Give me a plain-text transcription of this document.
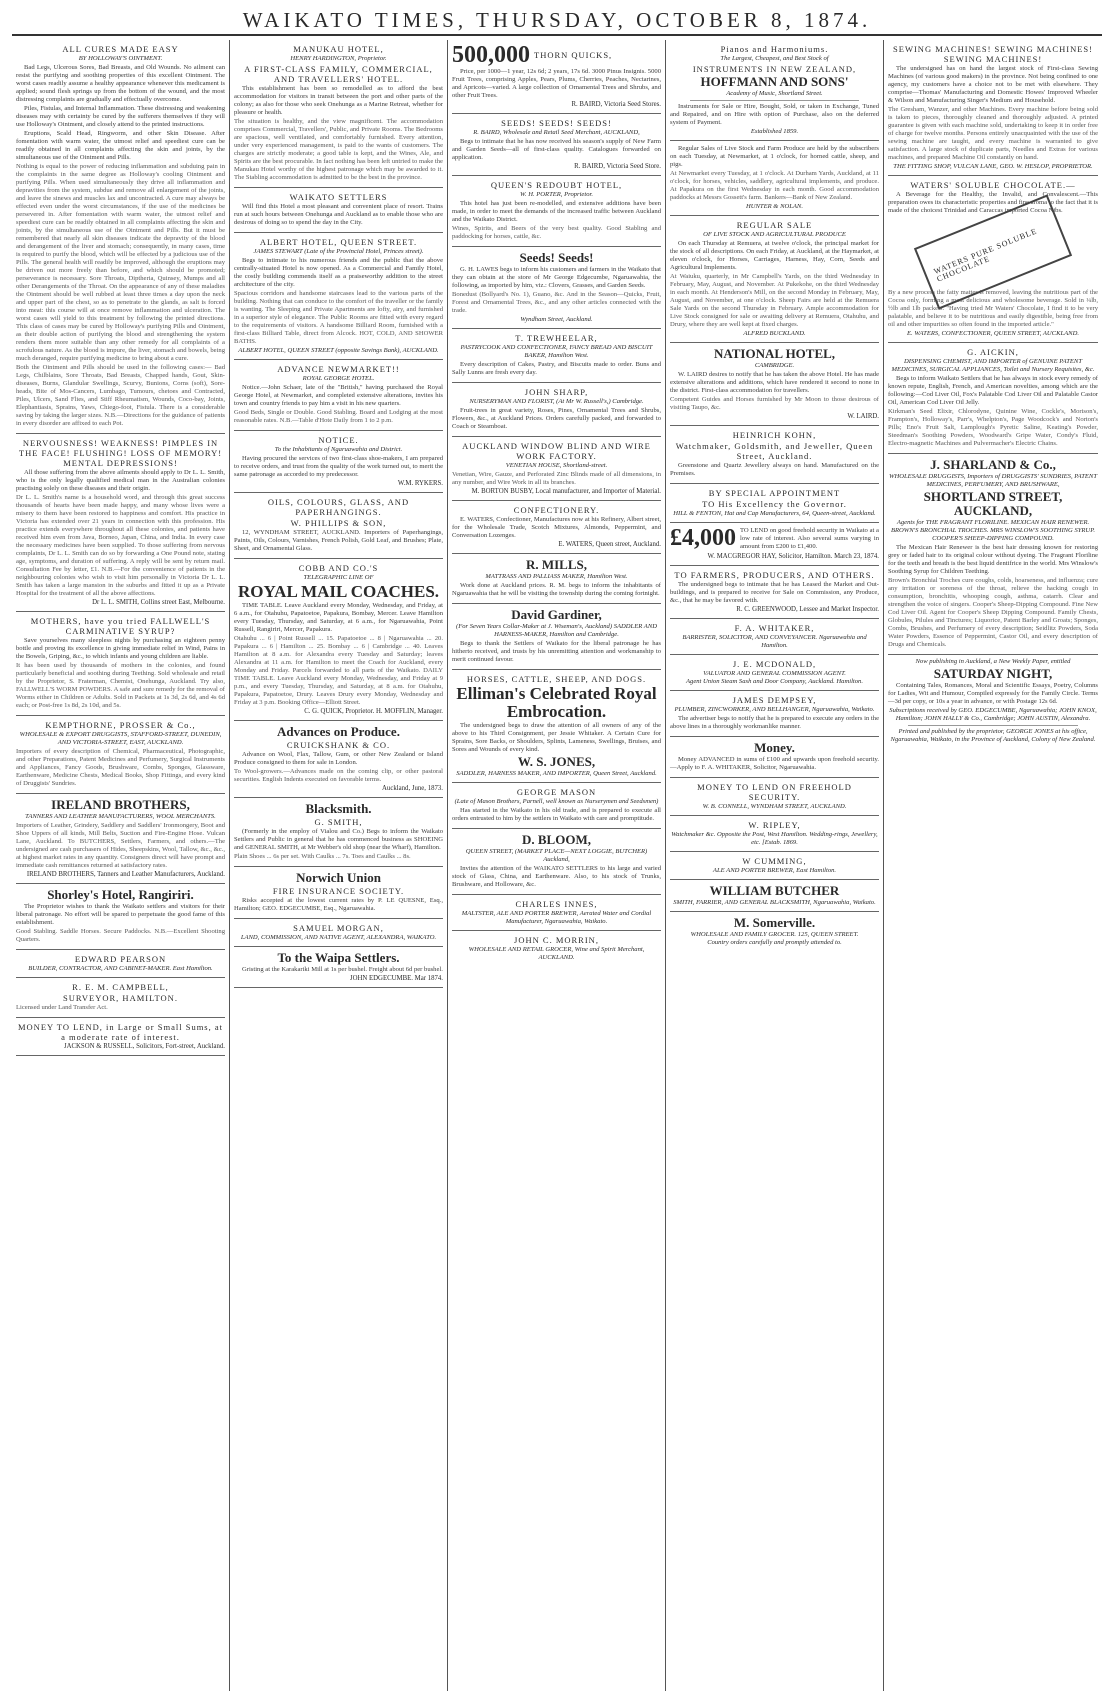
WAIKATO TIMES, THURSDAY, OCTOBER 8, 1874.
ALL CURES MADE EASY
BY HOLLOWAY'S OINTMENT.
Bad Legs, Ulcerous Sores, Bad Breasts, and Old Wounds. No ailment can resist the purifying and soothing properties of this excellent Ointment. The worst cases readily assume a healthy appearance whenever this medicament is applied; sound flesh springs up from the bottom of the wound, and the most distressing complaints are gradually and effectually overcome.
Piles, Fistulas, and Internal Inflammation. These distressing and weakening diseases may with certainty be cured by the sufferers themselves if they will use Holloway's Ointment, and closely attend to the printed instructions.
Eruptions, Scald Head, Ringworm, and other Skin Disease. After fomentation with warm water, the utmost relief and speediest cure can be readily obtained in all complaints affecting the skin and joints, by the simultaneous use of the Ointment and Pills.
Nothing is equal to the power of reducing inflammation and subduing pain in the complaints in the same degree as Holloway's cooling Ointment and purifying Pills. When used simultaneously they drive all inflammation and depravities from the system, subdue and remove all enlargement of the joints, and leave the sinews and muscles lax and uncontracted. A cure may always be effected even under the worst circumstances, if the use of the medicines be persevered in. After fomentation with warm water, the utmost relief and speediest cure can be readily obtained in all complaints affecting the skin and joints, by the simultaneous use of the Ointment and Pills. But it must be remembered that nearly all skin diseases indicate the depravity of the blood and derangement of the liver and stomach; consequently, in many cases, time is required to purify the blood, which will be effected by a judicious use of the Pills. The general health will readily be improved, although the eruptions may be driven out more freely than before, and which should be promoted; perseverance is necessary. Sore Throats, Diptheria, Quinsey, Mumps and all other Derangements of the Throat. On the appearance of any of these maladies the Ointment should be well rubbed at least three times a day upon the neck and upper part of the chest, so as to penetrate to the glands, as salt is forced into meat: this course will at once remove inflammation and ulceration. The worst cases will yield to this treatment by following the printed directions. This class of cases may be cured by Holloway's purifying Pills and Ointment, as their double action of purifying the blood and strengthening the system renders them more suitable than any other remedy for all complaints of a scrofulous nature. As the blood is impure, the liver, stomach and bowels, being much deranged, require purifying medicine to bring about a cure.
Both the Ointment and Pills should be used in the following cases:— Bad Legs, Chilblains, Sore Throats, Bad Breasts, Chapped hands, Gout, Skin-diseases, Burns, Glandular Swellings, Scurvy, Bunions, Corns (soft), Sore-heads, Bite of Mos-Cancers, Lumbago, Tumours, chetoes and Contracted, Piles, Ulcers, Sand Flies, and Stiff Rheumatism, Wounds, Coco-bay, Joints, Elephantiasis, Sprains, Yaws, Chiego-foot, Fistula. There is a considerable saving by taking the larger sizes. N.B.—Directions for the guidance of patients in every disorder are affixed to each Pot.
NERVOUSNESS! WEAKNESS! PIMPLES IN THE FACE! FLUSHING! LOSS OF MEMORY! MENTAL DEPRESSIONS!
All those suffering from the above ailments should apply to Dr L. L. Smith, who is the only legally qualified medical man in the Australian colonies practising solely on these diseases and their origin.
Dr L. L. Smith's name is a household word, and through this great success thousands of hearts have been made happy, and many whose lives were a misery to them have been restored to happiness and comfort. His practice in Victoria has extended over 21 years in connection with this profession. His practice extends everywhere throughout all these colonies, and patients have received him even from Java, Borneo, Japan, China, and India. In every case the necessary medicines have been supplied. To those suffering from nervous complaints, Dr L. L. Smith can do so by forwarding a One Pound note, stating age, symptoms, and duration of suffering. A reply will be sent by return mail. Consultation Fee by letter, £1. N.B.—For the convenience of patients in the neighbouring colonies who wish to visit him personally in Victoria Dr L. L. Smith has taken a large mansion in the suburbs and fitted it up as a Private Hospital for the treatment of all the above affections.
Dr L. L. SMITH, Collins street East, Melbourne.
MOTHERS, have you tried FALLWELL'S CARMINATIVE SYRUP?
Save yourselves many sleepless nights by purchasing an eighteen penny bottle and proving its excellence in giving immediate relief in Wind, Pains in the Bowels, Griping, &c., to which infants and young children are liable.
It has been used by thousands of mothers in the colonies, and found particularly beneficial and soothing during Teething. Sold wholesale and retail by the Proprietor, S. Fraterman, Chemist, Onehunga, Auckland. Try also, FALLWELL'S WORM POWDERS. A safe and sure remedy for the removal of Worms either in Children or Adults. Sold in Packets at 1s 3d, 2s 6d, and 4s 6d each; or Post-free 1s 8d, 2s 10d, and 5s.
KEMPTHORNE, PROSSER & Co.,
WHOLESALE & EXPORT DRUGGISTS, STAFFORD-STREET, DUNEDIN, AND VICTORIA-STREET, EAST, AUCKLAND.
Importers of every description of Chemical, Pharmaceutical, Photographic, and other Preparations, Patent Medicines and Perfumery, Surgical Instruments and Appliances, Fancy Goods, Brushware, Combs, Sponges, Glassware, Earthenware, Medicine Chests, Medical Books, Shop Fittings, and every kind of Druggists' Sundries.
IRELAND BROTHERS,
TANNERS AND LEATHER MANUFACTURERS, WOOL MERCHANTS.
Importers of Leather, Grindery, Saddlery and Saddlers' Ironmongery, Boot and Shoe Uppers of all kinds, Mill Belts, Suction and Fire-Engine Hose. Vulcan Lane, Auckland. To BUTCHERS, Settlers, Farmers, and others.—The undersigned are cash purchasers of Hides, Sheepskins, Wool, Tallow, &c., &c., at highest market rates in any quantity. Consigners direct will have prompt and immediate cash remittances returned at satisfactory rates.
IRELAND BROTHERS, Tanners and Leather Manufacturers, Auckland.
Shorley's Hotel, Rangiriri.
The Proprietor wishes to thank the Waikato settlers and visitors for their liberal patronage. No effort will be spared to perpetuate the good fame of this establishment.
Good Stabling. Saddle Horses. Secure Paddocks. N.B.—Excellent Shooting Quarters.
EDWARD PEARSON
BUILDER, CONTRACTOR, AND CABINET-MAKER. East Hamilton.
R. E. M. CAMPBELL,
SURVEYOR, HAMILTON.
Licensed under Land Transfer Act.
MONEY TO LEND, in Large or Small Sums, at a moderate rate of interest.
JACKSON & RUSSELL, Solicitors, Fort-street, Auckland.
MANUKAU HOTEL,
HENRY HARDINGTON, Proprietor.
A FIRST-CLASS FAMILY, COMMERCIAL, AND TRAVELLERS' HOTEL.
This establishment has been so remodelled as to afford the best accommodation for visitors in transit between the port and other parts of the colony; as also for those who seek Onehunga as a Marine Retreat, whether for pleasure or health.
The situation is healthy, and the view magnificent. The accommodation comprises Commercial, Travellers', Public, and Private Rooms. The Bedrooms are spacious, well ventilated, and comfortably furnished. Every attention, under very experienced management, is paid to the wants of customers. The charges are strictly moderate; a good table is kept, and the Wines, Ale, and Spirits are the best procurable. In fact nothing has been left untried to make the Manukau Hotel worthy of the highest patronage which may be awarded to it. The Stabling accommodation is admitted to be the best in the province.
WAIKATO SETTLERS
Will find this Hotel a most pleasant and convenient place of resort. Trains run at such hours between Onehunga and Auckland as to enable those who are desirous of doing so to spend the day in the City.
ALBERT HOTEL, QUEEN STREET.
JAMES STEWART (Late of the Provincial Hotel, Princes street).
Begs to intimate to his numerous friends and the public that the above centrally-situated Hotel is now opened. As a Commercial and Family Hotel, the costly building commends itself as a praiseworthy addition to the street architecture of the city.
Spacious corridors and handsome staircases lead to the various parts of the building. Nothing that can conduce to the comfort of the traveller or the family is wanting. The Sleeping and Private Apartments are lofty, airy, and furnished in a superior style of elegance. The Public Rooms are fitted with every regard to the requirements of visitors. A handsome Billiard Room, furnished with a first-class Billiard Table, direct from Alcock. HOT, COLD, AND SHOWER BATHS.
ALBERT HOTEL, QUEEN STREET (opposite Savings Bank), AUCKLAND.
ADVANCE NEWMARKET!!
ROYAL GEORGE HOTEL.
Notice.—John Schaer, late of the "British," having purchased the Royal George Hotel, at Newmarket, and completed extensive alterations, invites his town and country friends to pay him a visit in his new quarters.
Good Beds, Single or Double. Good Stabling. Board and Lodging at the most reasonable rates. N.B.—Table d'Hote Daily from 1 to 2 p.m.
NOTICE.
To the Inhabitants of Ngaruawahia and District.
Having procured the services of two first-class shoe-makers, I am prepared to receive orders, and trust from the quality of the work turned out, to merit the same patronage as accorded to my predecessor.
W.M. RYKERS.
OILS, COLOURS, GLASS, AND PAPERHANGINGS.
W. PHILLIPS & SON,
12, WYNDHAM STREET, AUCKLAND. Importers of Paperhangings, Paints, Oils, Colours, Varnishes, French Polish, Gold Leaf, and Brushes; Plate, Sheet, and Ornamental Glass.
COBB AND CO.'S
TELEGRAPHIC LINE OF
ROYAL MAIL COACHES.
TIME TABLE. Leave Auckland every Monday, Wednesday, and Friday, at 6 a.m., for Otahuhu, Papatoetoe, Papakura, Bombay, Mercer. Leave Hamilton every Tuesday, Thursday, and Saturday, at 6 a.m., for Ngaruawahia, Point Russell, Rangiriri, Mercer, Papakura.
Otahuhu ... 6 | Point Russell ... 15. Papatoetoe ... 8 | Ngaruawahia ... 20. Papakura ... 6 | Hamilton ... 25. Bombay ... 6 | Cambridge ... 40. Leaves Hamilton at 8 a.m. for Alexandra every Tuesday and Saturday; leaves Alexandra at 11 a.m. for Hamilton to meet the Coach for Auckland, every Monday and Friday. Parcels forwarded to all parts of the Waikato. DAILY TIME TABLE. Leave Auckland every Monday, Wednesday, and Friday at 9 p.m., and every Tuesday, Thursday, and Saturday, at 8 a.m. for Otahuhu, Papakura, Papatoetoe, Drury. Leaves Drury every Monday, Wednesday and Friday at 3 p.m. Booking Office—Elliott Street.
C. G. QUICK, Proprietor. H. MOFFLIN, Manager.
Advances on Produce.
CRUICKSHANK & CO.
Advance on Wool, Flax, Tallow, Gum, or other New Zealand or Island Produce consigned to them for sale in London.
To Wool-growers.—Advances made on the coming clip, or other pastoral securities. English Indents executed on favorable terms.
Auckland, June, 1873.
Blacksmith.
G. SMITH,
(Formerly in the employ of Vialou and Co.) Begs to inform the Waikato Settlers and Public in general that he has commenced business as SHOEING and GENERAL SMITH, at Mr Webber's old shop (near the Wharf), Hamilton.
Plain Shoes ... 6s per set. With Caulks ... 7s. Toes and Caulks ... 8s.
Norwich Union
FIRE INSURANCE SOCIETY.
Risks accepted at the lowest current rates by P. LE QUESNE, Esq., Hamilton; GEO. EDGECUMBE, Esq., Ngaruawahia.
SAMUEL MORGAN,
LAND, COMMISSION, AND NATIVE AGENT, ALEXANDRA, WAIKATO.
To the Waipa Settlers.
Gristing at the Karakariki Mill at 1s per bushel. Freight about 6d per bushel.
JOHN EDGECUMBE. Mar 1874.
500,000 THORN QUICKS,
Price, per 1000—1 year, 12s 6d; 2 years, 17s 6d. 3000 Pinus Insignis. 5000 Fruit Trees, comprising Apples, Pears, Plums, Cherries, Peaches, Nectarines, and Apricots—varied. A large collection of Ornamental Trees and Shrubs, and other Fruit Trees.
R. BAIRD, Victoria Seed Stores.
SEEDS! SEEDS! SEEDS!
R. BAIRD, Wholesale and Retail Seed Merchant, AUCKLAND,
Begs to intimate that he has now received his season's supply of New Farm and Garden Seeds—all of first-class quality. Catalogues forwarded on application.
R. BAIRD, Victoria Seed Store.
QUEEN'S REDOUBT HOTEL,
W. H. PORTER, Proprietor.
This hotel has just been re-modelled, and extensive additions have been made, in order to meet the demands of the increased traffic between Auckland and the Waikato District.
Wines, Spirits, and Beers of the very best quality. Good Stabling and paddocking for horses, cattle, &c.
Seeds! Seeds!
G. H. LAWES begs to inform his customers and farmers in the Waikato that they can obtain at the store of Mr George Edgecumbe, Ngaruawahia, the following, as imported by him, viz.: Clovers, Grasses, and Garden Seeds.
Bonedust (Bollyard's No. 1), Guano, &c. And in the Season—Quicks, Fruit, Forest and Ornamental Trees, &c., and any other articles connected with the trade.
Wyndham Street, Auckland.
T. TREWHEELAR,
PASTRYCOOK AND CONFECTIONER, FANCY BREAD AND BISCUIT BAKER, Hamilton West.
Every description of Cakes, Pastry, and Biscuits made to order. Buns and Sally Lunns are fresh every day.
JOHN SHARP,
NURSERYMAN AND FLORIST, (At Mr W. Russell's,) Cambridge.
Fruit-trees in great variety, Roses, Pines, Ornamental Trees and Shrubs, Flowers, &c., at Auckland Prices. Orders carefully packed, and forwarded to Coach or Steamboat.
AUCKLAND WINDOW BLIND AND WIRE WORK FACTORY.
VENETIAN HOUSE, Shortland-street.
Venetian, Wire, Gauze, and Perforated Zinc Blinds made of all dimensions, in any number, and Wire Work in all its branches.
M. BORTON BUSBY, Local manufacturer, and Importer of Material.
CONFECTIONERY.
E. WATERS, Confectioner, Manufactures now at his Refinery, Albert street, for the Wholesale Trade, Scotch Mixtures, Almonds, Peppermint, and Conversation Lozenges.
E. WATERS, Queen street, Auckland.
R. MILLS,
MATTRASS AND PALLIASS MAKER, Hamilton West.
Work done at Auckland prices. R. M. begs to inform the inhabitants of Ngaruawahia that he will be visiting the township during the coming fortnight.
David Gardiner,
(For Seven Years Collar-Maker at J. Wiseman's, Auckland) SADDLER AND HARNESS-MAKER, Hamilton and Cambridge.
Begs to thank the Settlers of Waikato for the liberal patronage he has hitherto received, and trusts by his unremitting attention and workmanship to merit continued favour.
HORSES, CATTLE, SHEEP, AND DOGS.
Elliman's Celebrated Royal Embrocation.
The undersigned begs to draw the attention of all owners of any of the above to his Third Consignment, per Jessie Whitaker. A Certain Cure for Sprains, Sore Backs, or Shoulders, Splints, Lameness, Swellings, Bruises, and Sores and Wounds of every kind.
W. S. JONES,
SADDLER, HARNESS MAKER, AND IMPORTER, Queen Street, Auckland.
GEORGE MASON
(Late of Mason Brothers, Parnell, well known as Nurserymen and Seedsmen)
Has started in the Waikato in his old trade, and is prepared to execute all orders entrusted to him by the settlers in Waikato with care and promptitude.
D. BLOOM,
QUEEN STREET, (MARKET PLACE—NEXT LOGGIE, BUTCHER) Auckland,
Invites the attention of the WAIKATO SETTLERS to his large and varied stock of Glass, China, and Earthenware. Also, to his stock of Trunks, Brushware, and Holloware, &c.
CHARLES INNES,
MALTSTER, ALE AND PORTER BREWER, Aerated Water and Cordial Manufacturer, Ngaruawahia, Waikato.
JOHN C. MORRIN,
WHOLESALE AND RETAIL GROCER, Wine and Spirit Merchant, AUCKLAND.
Pianos and Harmoniums.
The Largest, Cheapest, and Best Stock of
INSTRUMENTS IN NEW ZEALAND,
HOFFMANN AND SONS'
Academy of Music, Shortland Street.
Instruments for Sale or Hire, Bought, Sold, or taken in Exchange, Tuned and Repaired, and on Hire with option of Purchase, also on the deferred system of Payment.
Established 1859.
Regular Sales of Live Stock and Farm Produce are held by the subscribers on each Tuesday, at Newmarket, at 1 o'clock, for horned cattle, sheep, and pigs.
At Newmarket every Tuesday, at 1 o'clock. At Durham Yards, Auckland, at 11 o'clock, for horses, vehicles, saddlery, agricultural implements, and produce. At Papakura on the first Wednesday in each month. Good accommodation paddocks at Messrs Gossett's farm. Bankers—Bank of New Zealand.
HUNTER & NOLAN.
REGULAR SALE
OF LIVE STOCK AND AGRICULTURAL PRODUCE
On each Thursday at Remuera, at twelve o'clock, the principal market for the stock of all descriptions. On each Friday, at Auckland, at the Haymarket, at eleven o'clock, for Horses, Carriages, Harness, Hay, Corn, Seeds and Agricultural Implements.
At Waiuku, quarterly, in Mr Campbell's Yards, on the third Wednesday in February, May, August, and November. At Pukekohe, on the third Wednesday in each month. At Henderson's Mill, on the second Monday in February, May, August, and November, at one o'clock. Sheep Fairs are held at the Remuera Sale Yards on the second Thursday in February. Ample accommodation for Live Stock consigned for sale or awaiting delivery at Remuera, Otahuhu, and Drury, where they are well kept at fixed charges.
ALFRED BUCKLAND.
NATIONAL HOTEL,
CAMBRIDGE.
W. LAIRD desires to notify that he has taken the above Hotel. He has made extensive alterations and additions, which have rendered it second to none in the district. First-class accommodation for travellers.
Competent Guides and Horses furnished by Mr Moon to those desirous of visiting Taupo, &c.
W. LAIRD.
HEINRICH KOHN,
Watchmaker, Goldsmith, and Jeweller, Queen Street, Auckland.
Greenstone and Quartz Jewellery always on hand. Manufactured on the Premises.
BY SPECIAL APPOINTMENT
TO His Excellency the Governor.
HILL & FENTON, Hat and Cap Manufacturers, 64, Queen-street, Auckland.
£4,000 TO LEND on good freehold security in Waikato at a low rate of interest. Also several sums varying in amount from £200 to £1,400.
W. MACGREGOR HAY, Solicitor, Hamilton. March 23, 1874.
TO FARMERS, PRODUCERS, AND OTHERS.
The undersigned begs to intimate that he has Leased the Market and Out-buildings, and is prepared to receive for Sale on Commission, any Produce, &c., that he may be favored with.
R. C. GREENWOOD, Lessee and Market Inspector.
F. A. WHITAKER,
BARRISTER, SOLICITOR, AND CONVEYANCER. Ngaruawahia and Hamilton.
J. E. MCDONALD,
VALUATOR AND GENERAL COMMISSION AGENT.
Agent Union Steam Sash and Door Company, Auckland. Hamilton.
JAMES DEMPSEY,
PLUMBER, ZINCWORKER, AND BELLHANGER, Ngaruawahia, Waikato.
The advertiser begs to notify that he is prepared to execute any orders in the above lines in a thoroughly workmanlike manner.
Money.
Money ADVANCED in sums of £100 and upwards upon freehold security.—Apply to F. A. WHITAKER, Solicitor, Ngaruawahia.
MONEY TO LEND ON FREEHOLD SECURITY.
W. B. CONNELL, WYNDHAM STREET, AUCKLAND.
W. RIPLEY,
Watchmaker &c. Opposite the Post, West Hamilton. Wedding-rings, Jewellery, etc. [Estab. 1869.
W CUMMING,
ALE AND PORTER BREWER, East Hamilton.
WILLIAM BUTCHER
SMITH, FARRIER, AND GENERAL BLACKSMITH, Ngaruawahia, Waikato.
M. Somerville.
WHOLESALE AND FAMILY GROCER. 125, QUEEN STREET.
Country orders carefully and promptly attended to.
SEWING MACHINES! SEWING MACHINES! SEWING MACHINES!
The undersigned has on hand the largest stock of First-class Sewing Machines (of various good makers) in the province. Not being confined to one agency, my customers have a choice not to be met with elsewhere. They comprise—Thomas' Manufacturing and Domestic Howes' Improved Wheeler & Wilson and Manufacturing Singer's Medium and Household.
The Gresham, Wanzer, and other Machines. Every machine before being sold is taken to pieces, thoroughly cleaned and thoroughly adjusted. A printed guarantee is given with each machine sold, undertaking to keep it in order free of charge for twelve months. Persons entirely unacquainted with the use of the sewing machine are taught, and every machine is warranted to give satisfaction. A large stock of duplicate parts, Needles and Extras for various machines, and prepared Machine Oil constantly on hand.
THE FITTING SHOP, VULCAN LANE, GEO. W. HESLOP, PROPRIETOR.
WATERS' SOLUBLE CHOCOLATE.—
A Beverage for the Healthy, the Invalid, and Convalescent.—This preparation owes its characteristic properties and fine aroma to the fact that it is made of the choicest Trinidad and Caraccas imported Cocoa Nibs.
WATERS PURE SOLUBLE CHOCOLATE
By a new process the fatty matter is removed, leaving the nutritious part of the Cocoa only, forming a most delicious and wholesome beverage. Sold in ¼lb, ½lb and 1lb packets. "Having tried Mr Waters' Chocolate, I find it to be very palatable, and believe it to be nutritious and easily digestible, being free from oil and other impurities so often found in the imported article."
E. WATERS, CONFECTIONER, QUEEN STREET, AUCKLAND.
G. AICKIN,
DISPENSING CHEMIST, AND IMPORTER of GENUINE PATENT MEDICINES, SURGICAL APPLIANCES, Toilet and Nursery Requisites, &c.
Begs to inform Waikato Settlers that he has always in stock every remedy of known repute, English, French, and American novelties, among which are the following:—Cod Liver Oil, Fox's Palatable Cod Liver Oil and Palatable Castor Oil, American Cod Liver Oil Jelly.
Kirkman's Seed Elixir, Chlorodyne, Quinine Wine, Cockle's, Morison's, Frampton's, Holloway's, Parr's, Whelpton's, Page Woodcock's and Norton's Pills; Eno's Fruit Salt, Lamplough's Pyretic Saline, Keating's Powder, Steedman's Soothing Powders, Woodward's Gripe Water, Condy's Fluid, Electro-magnetic Machines and Pulvermacher's Electric Chains.
J. SHARLAND & Co.,
WHOLESALE DRUGGISTS, Importers of DRUGGISTS' SUNDRIES, PATENT MEDICINES, PERFUMERY, AND BRUSHWARE,
SHORTLAND STREET, AUCKLAND,
Agents for THE FRAGRANT FLORILINE. MEXICAN HAIR RENEWER. BROWN'S BRONCHIAL TROCHES. MRS WINSLOW'S SOOTHING SYRUP. COOPER'S SHEEP-DIPPING COMPOUND.
The Mexican Hair Renewer is the best hair dressing known for restoring grey or faded hair to its original colour without dyeing. The Fragrant Floriline for the teeth and breath is the best liquid dentifrice in the world. Mrs Winslow's Soothing Syrup for Children Teething.
Brown's Bronchial Troches cure coughs, colds, hoarseness, and influenza; cure any irritation or soreness of the throat, relieve the hacking cough in consumption, bronchitis, whooping cough, asthma, catarrh. Clear and strengthen the voice of singers. Cooper's Sheep-Dipping Compound. Fine New Cod Liver Oil. Agent for Cooper's Sheep Dipping Compound. Family Chests, Globules, Pilules and Tinctures; Liquorice, Patent Barley and Groats; Sponges, Combs, Brushes, and Perfumery of every description; Seidlitz Powders, Soda Water Powders, Essence of Peppermint, Castor Oil, and every description of Drugs and Chemicals.
Now publishing in Auckland, a New Weekly Paper, entitled
SATURDAY NIGHT,
Containing Tales, Romances, Moral and Scientific Essays, Poetry, Columns for Ladies, Wit and Humour, Compiled expressly for the Family Circle. Terms—3d per copy, or 10s a year in advance, or with Postage 12s 6d.
Subscriptions received by GEO. EDGECUMBE, Ngaruawahia; JOHN KNOX, Hamilton; JOHN HALLY & Co., Cambridge; JOHN AUSTIN, Alexandra.
Printed and published by the proprietor, GEORGE JONES at his office, Ngaruawahia, Waikato, in the Province of Auckland, Colony of New Zealand.
